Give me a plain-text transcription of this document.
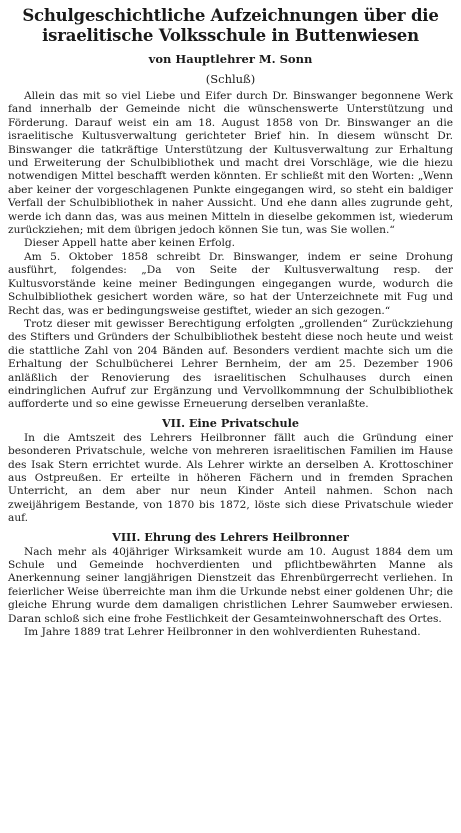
Schulgeschichtliche Aufzeichnungen über die israelitische Volksschule in Buttenwiesen
von Hauptlehrer M. Sonn
(Schluß)

Allein das mit so viel Liebe und Eifer durch Dr. Binswanger begonnene Werk fand innerhalb der Gemeinde nicht die wünschenswerte Unterstützung und Förderung. Darauf weist ein am 18. August 1858 von Dr. Binswanger an die israelitische Kultusverwaltung gerichteter Brief hin. In diesem wünscht Dr. Binswanger die tatkräftige Unterstützung der Kultusverwaltung zur Erhaltung und Erweiterung der Schulbibliothek und macht drei Vorschläge, wie die hiezu notwendigen Mittel beschafft werden könnten. Er schließt mit den Worten: „Wenn aber keiner der vorgeschlagenen Punkte eingegangen wird, so steht ein baldiger Verfall der Schulbibliothek in naher Aussicht. Und ehe dann alles zugrunde geht, werde ich dann das, was aus meinen Mitteln in dieselbe gekommen ist, wiederum zurückziehen; mit dem übrigen jedoch können Sie tun, was Sie wollen.“

Dieser Appell hatte aber keinen Erfolg.

Am 5. Oktober 1858 schreibt Dr. Binswanger, indem er seine Drohung ausführt, folgendes: „Da von Seite der Kultusverwaltung resp. der Kultusvorstände keine meiner Bedingungen eingegangen wurde, wodurch die Schulbibliothek gesichert worden wäre, so hat der Unterzeichnete mit Fug und Recht das, was er bedingungsweise gestiftet, wieder an sich gezogen.“

Trotz dieser mit gewisser Berechtigung erfolgten „grollenden“ Zurückziehung des Stifters und Gründers der Schulbibliothek besteht diese noch heute und weist die stattliche Zahl von 204 Bänden auf. Besonders verdient machte sich um die Erhaltung der Schulbücherei Lehrer Bernheim, der am 25. Dezember 1906 anläßlich der Renovierung des israelitischen Schulhauses durch einen eindringlichen Aufruf zur Ergänzung und Vervollkommnung der Schulbibliothek aufforderte und so eine gewisse Erneuerung derselben veranlaßte.

VII. Eine Privatschule

In die Amtszeit des Lehrers Heilbronner fällt auch die Gründung einer besonderen Privatschule, welche von mehreren israelitischen Familien im Hause des Isak Stern errichtet wurde. Als Lehrer wirkte an derselben A. Krottoschiner aus Ostpreußen. Er erteilte in höheren Fächern und in fremden Sprachen Unterricht, an dem aber nur neun Kinder Anteil nahmen. Schon nach zweijährigem Bestande, von 1870 bis 1872, löste sich diese Privatschule wieder auf.

VIII. Ehrung des Lehrers Heilbronner

Nach mehr als 40jähriger Wirksamkeit wurde am 10. August 1884 dem um Schule und Gemeinde hochverdienten und pflichtbewährten Manne als Anerkennung seiner langjährigen Dienstzeit das Ehrenbürgerrecht verliehen. In feierlicher Weise überreichte man ihm die Urkunde nebst einer goldenen Uhr; die gleiche Ehrung wurde dem damaligen christlichen Lehrer Saumweber erwiesen. Daran schloß sich eine frohe Festlichkeit der Gesamteinwohnerschaft des Ortes.

Im Jahre 1889 trat Lehrer Heilbronner in den wohlverdienten Ruhestand.
